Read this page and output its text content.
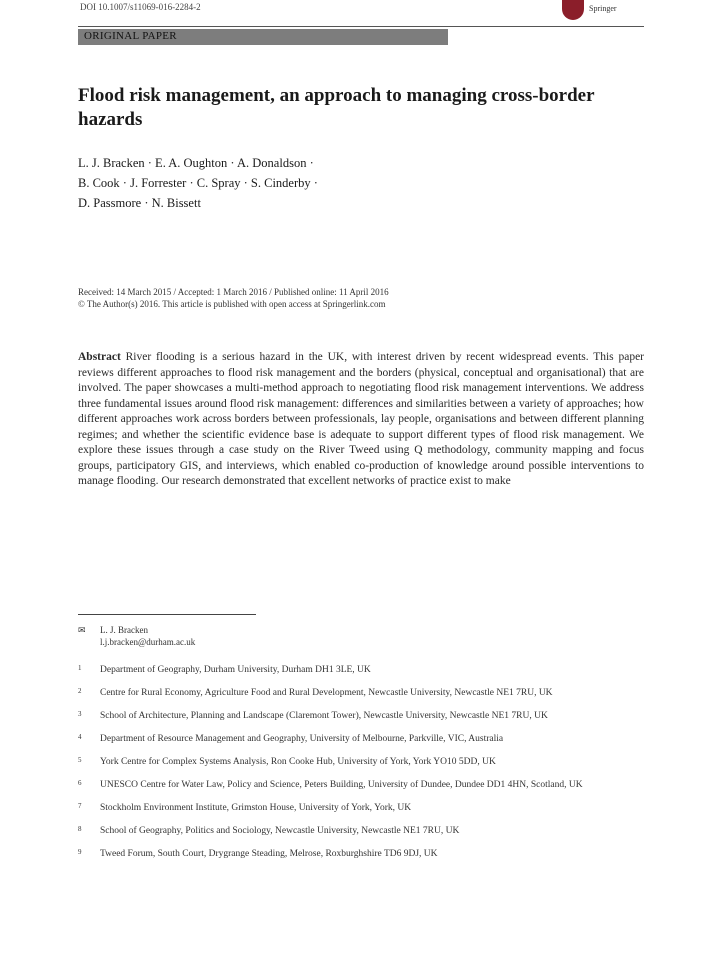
DOI 10.1007/s11069-016-2284-2	Springer
ORIGINAL PAPER
Flood risk management, an approach to managing cross-border hazards
L. J. Bracken · E. A. Oughton · A. Donaldson ·
B. Cook · J. Forrester · C. Spray · S. Cinderby ·
D. Passmore · N. Bissett
Received: 14 March 2015 / Accepted: 1 March 2016 / Published online: 11 April 2016
© The Author(s) 2016. This article is published with open access at Springerlink.com
Abstract River flooding is a serious hazard in the UK, with interest driven by recent widespread events. This paper reviews different approaches to flood risk management and the borders (physical, conceptual and organisational) that are involved. The paper showcases a multi-method approach to negotiating flood risk management interventions. We address three fundamental issues around flood risk management: differences and similarities between a variety of approaches; how different approaches work across borders between professionals, lay people, organisations and between different planning regimes; and whether the scientific evidence base is adequate to support different types of flood risk management. We explore these issues through a case study on the River Tweed using Q methodology, community mapping and focus groups, participatory GIS, and interviews, which enabled co-production of knowledge around possible interventions to manage flooding. Our research demonstrated that excellent networks of practice exist to make
✉ L. J. Bracken
l.j.bracken@durham.ac.uk
1 Department of Geography, Durham University, Durham DH1 3LE, UK
2 Centre for Rural Economy, Agriculture Food and Rural Development, Newcastle University, Newcastle NE1 7RU, UK
3 School of Architecture, Planning and Landscape (Claremont Tower), Newcastle University, Newcastle NE1 7RU, UK
4 Department of Resource Management and Geography, University of Melbourne, Parkville, VIC, Australia
5 York Centre for Complex Systems Analysis, Ron Cooke Hub, University of York, York YO10 5DD, UK
6 UNESCO Centre for Water Law, Policy and Science, Peters Building, University of Dundee, Dundee DD1 4HN, Scotland, UK
7 Stockholm Environment Institute, Grimston House, University of York, York, UK
8 School of Geography, Politics and Sociology, Newcastle University, Newcastle NE1 7RU, UK
9 Tweed Forum, South Court, Drygrange Steading, Melrose, Roxburghshire TD6 9DJ, UK
